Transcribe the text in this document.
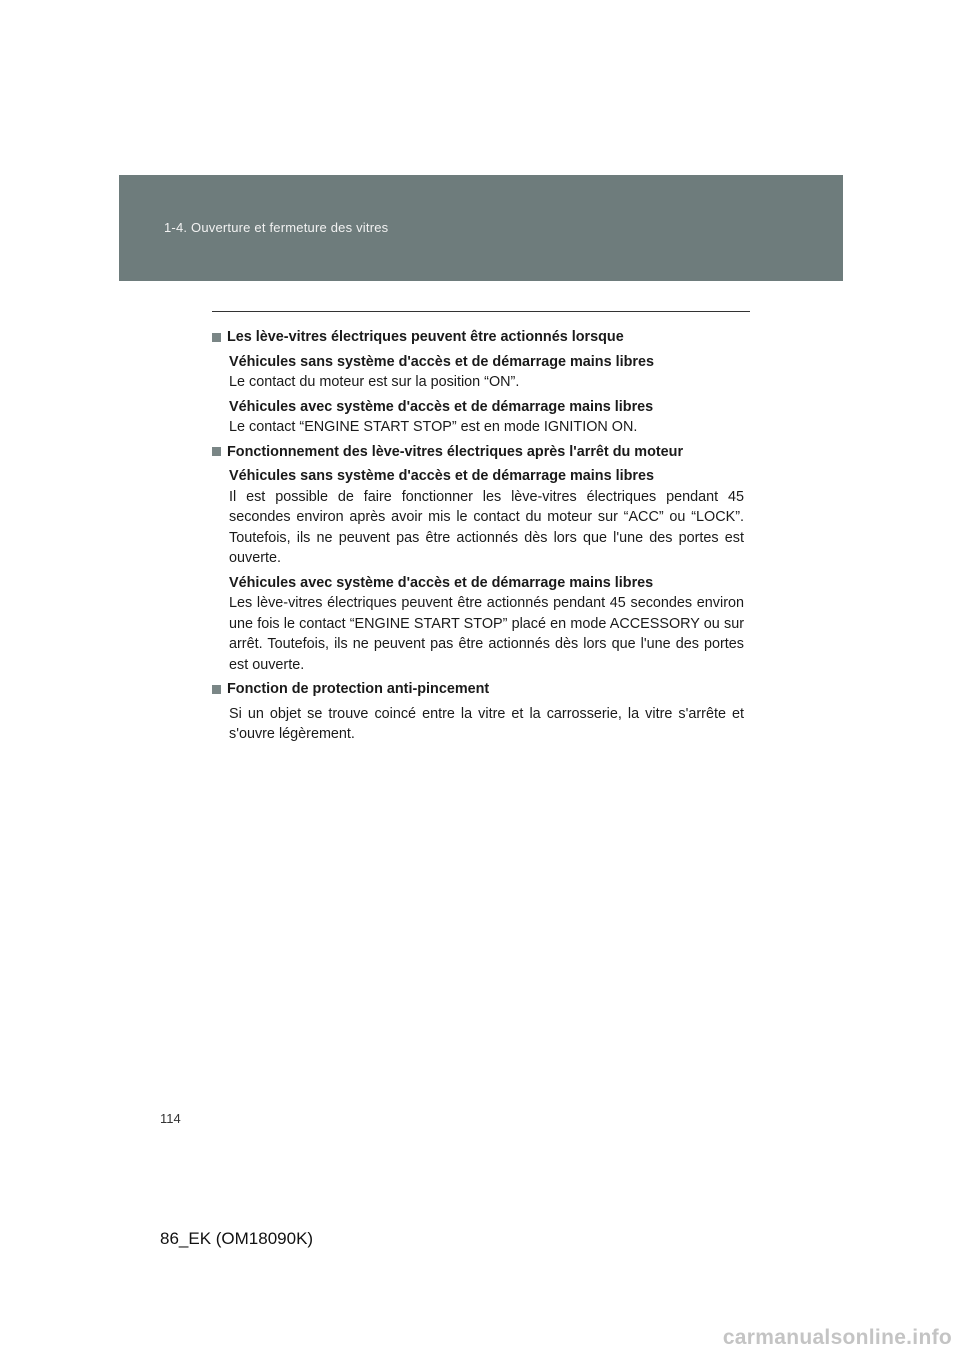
1-4. Ouverture et fermeture des vitres
Les lève-vitres électriques peuvent être actionnés lorsque
Véhicules sans système d'accès et de démarrage mains libres
Le contact du moteur est sur la position “ON”.
Véhicules avec système d'accès et de démarrage mains libres
Le contact “ENGINE START STOP” est en mode IGNITION ON.
Fonctionnement des lève-vitres électriques après l'arrêt du moteur
Véhicules sans système d'accès et de démarrage mains libres
Il est possible de faire fonctionner les lève-vitres électriques pendant 45 secondes environ après avoir mis le contact du moteur sur “ACC” ou “LOCK”. Toutefois, ils ne peuvent pas être actionnés dès lors que l'une des portes est ouverte.
Véhicules avec système d'accès et de démarrage mains libres
Les lève-vitres électriques peuvent être actionnés pendant 45 secondes environ une fois le contact “ENGINE START STOP” placé en mode ACCESSORY ou sur arrêt. Toutefois, ils ne peuvent pas être actionnés dès lors que l'une des portes est ouverte.
Fonction de protection anti-pincement
Si un objet se trouve coincé entre la vitre et la carrosserie, la vitre s'arrête et s'ouvre légèrement.
114
86_EK (OM18090K)
carmanualsonline.info
